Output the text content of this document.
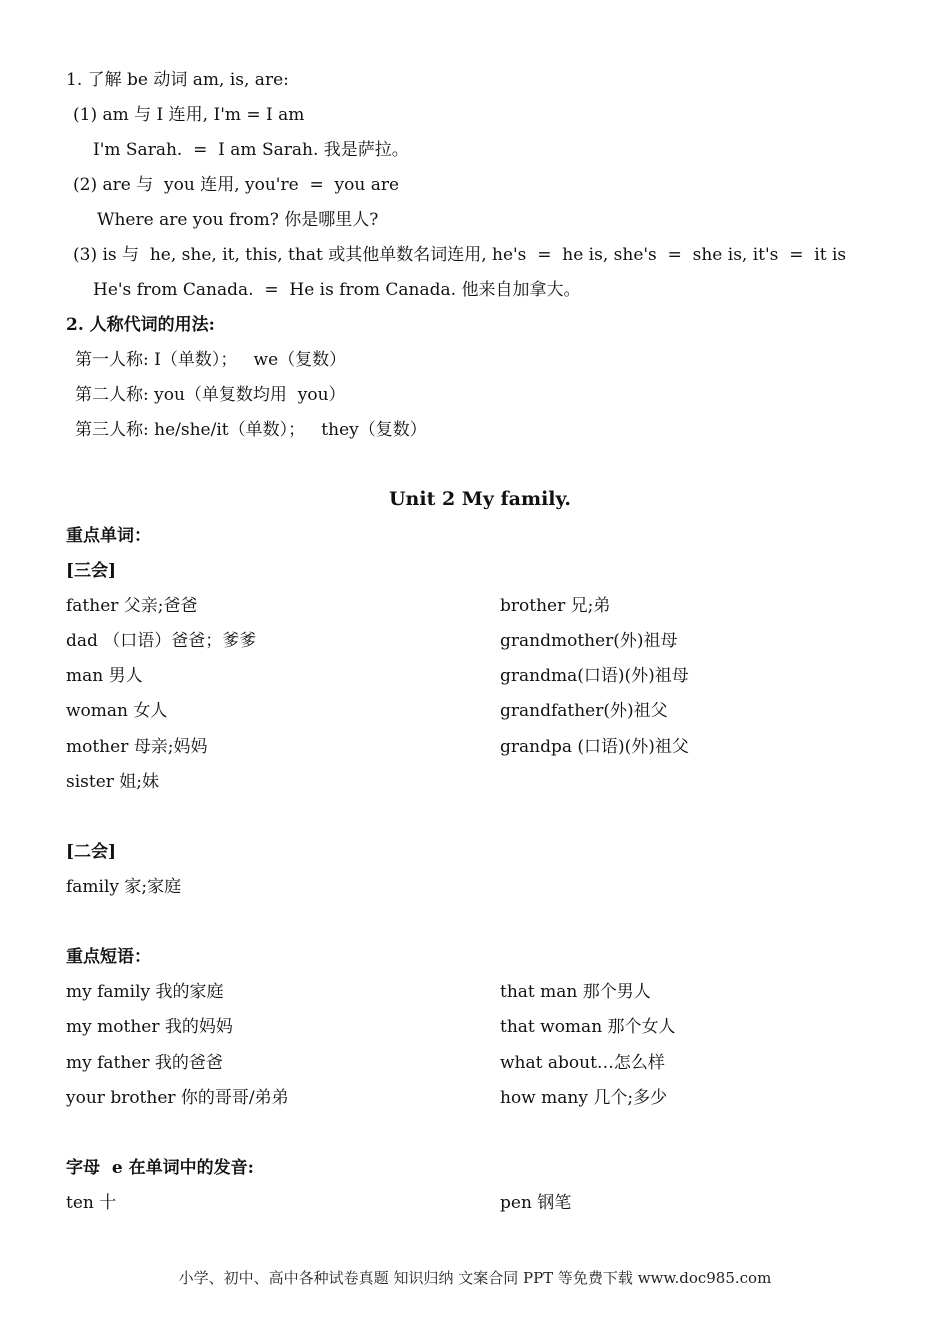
1. 了解 be 动词 am, is, are:
(1) am 与 I 连用, I'm = I am
I'm Sarah.  =  I am Sarah. 我是萨拉。
(2) are 与  you 连用, you're  =  you are
Where are you from? 你是哪里人?
(3) is 与  he, she, it, this, that 或其他单数名词连用, he's  =  he is, she's  =  she is, it's  =  it is
He's from Canada.  =  He is from Canada. 他来自加拿大。
2. 人称代词的用法:
第一人称: I（单数）；   we（复数）
第二人称: you（单复数均用  you）
第三人称: he/she/it（单数）；   they（复数）
Unit 2 My family.
重点单词：
[三会]
father 父亲;爸爸
dad （口语）爸爸；爹爹
man 男人
woman 女人
mother 母亲;妈妈
sister 姐;妹
brother 兄;弟
grandmother(外)祖母
grandma(口语)(外)祖母
grandfather(外)祖父
grandpa (口语)(外)祖父
[二会]
family 家;家庭
重点短语：
my family 我的家庭
my mother 我的妈妈
my father 我的爸爸
your brother 你的哥哥/弟弟
that man 那个男人
that woman 那个女人
what about…怎么样
how many 几个;多少
字母  e 在单词中的发音:
ten 十	pen 钢笔
小学、初中、高中各种试卷真题 知识归纳 文案合同 PPT 等免费下载 www.doc985.com
